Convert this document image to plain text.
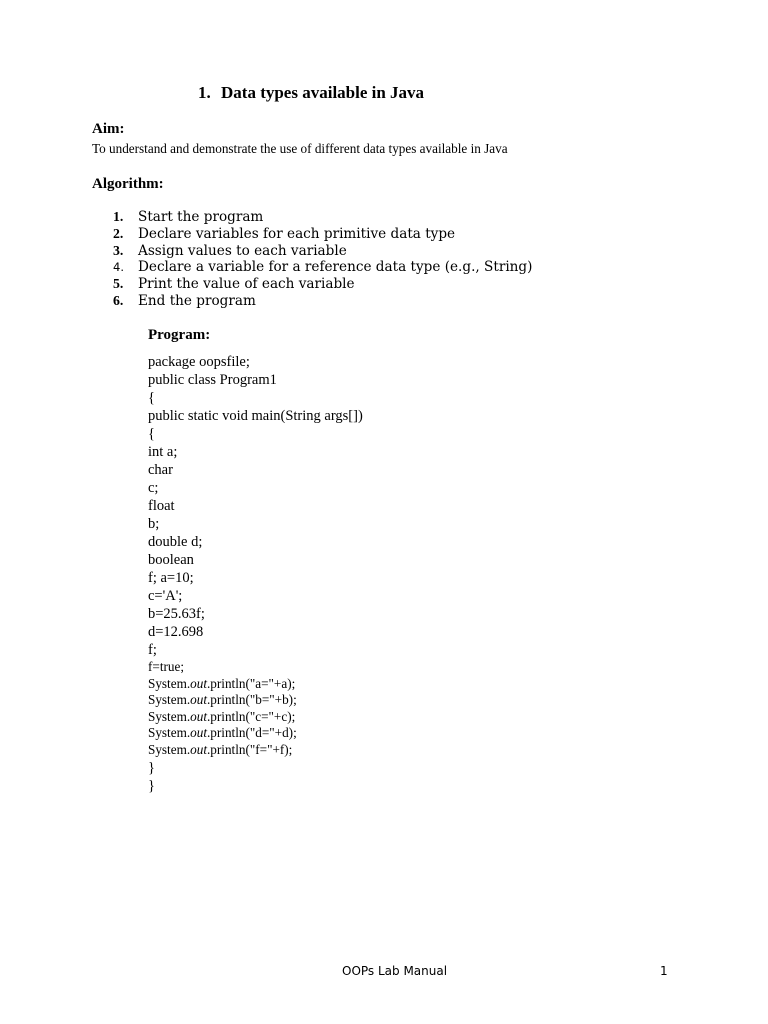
1. Data types available in Java
Aim:
To understand and demonstrate the use of different data types available in Java
Algorithm:
1. Start the program
2. Declare variables for each primitive data type
3. Assign values to each variable
4. Declare a variable for a reference data type (e.g., String)
5. Print the value of each variable
6. End the program
Program:
package oopsfile;
public class Program1
{
public static void main(String args[])
{
int a;
char
c;
float
b;
double d;
boolean
f; a=10;
c='A';
b=25.63f;
d=12.698
f;
f=true;
System.out.println("a="+a);
System.out.println("b="+b);
System.out.println("c="+c);
System.out.println("d="+d);
System.out.println("f="+f);
}
}
OOPs Lab Manual	1
